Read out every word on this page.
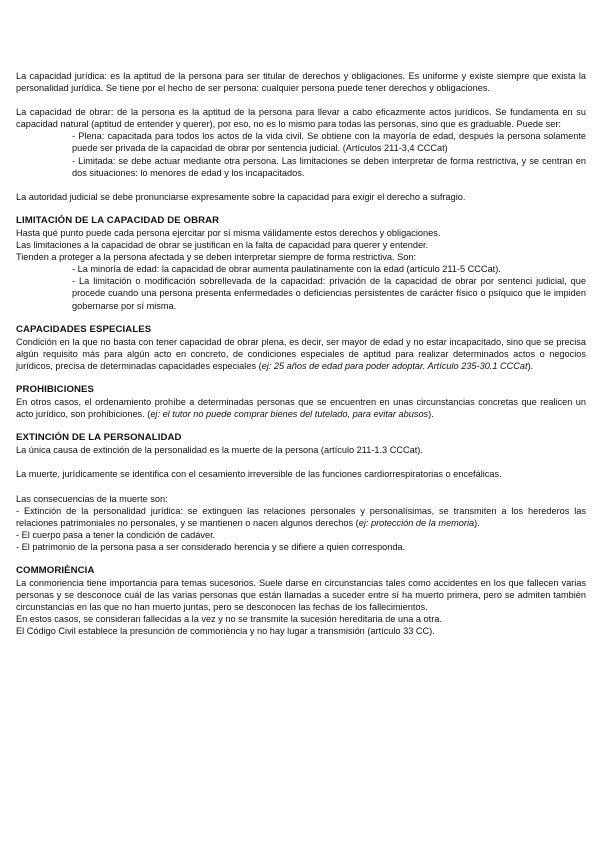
La capacidad jurídica: es la aptitud de la persona para ser titular de derechos y obligaciones. Es uniforme y existe siempre que exista la personalidad jurídica. Se tiene por el hecho de ser persona: cualquier persona puede tener derechos y obligaciones.

La capacidad de obrar: de la persona es la aptitud de la persona para llevar a cabo eficazmente actos jurídicos. Se fundamenta en su capacidad natural (aptitud de entender y querer), por eso, no es lo mismo para todas las personas, sino que es graduable. Puede ser:

- Plena: capacitada para todos los actos de la vida civil. Se obtiene con la mayoría de edad, después la persona solamente puede ser privada de la capacidad de obrar por sentencia judicial. (Artículos 211-3,4 CCCat)

- Limitada: se debe actuar mediante otra persona. Las limitaciones se deben interpretar de forma restrictiva, y se centran en dos situaciones: lo menores de edad y los incapacitados.

La autoridad judicial se debe pronunciarse expresamente sobre la capacidad para exigir el derecho a sufragio.

LIMITACIÓN DE LA CAPACIDAD DE OBRAR

Hasta qué punto puede cada persona ejercitar por sí misma válidamente estos derechos y obligaciones.

Las limitaciones a la capacidad de obrar se justifican en la falta de capacidad para querer y entender.

Tienden a proteger a la persona afectada y se deben interpretar siempre de forma restrictiva. Son:

- La minoría de edad: la capacidad de obrar aumenta paulatinamente con la edad (artículo 211-5 CCCat).

- La limitación o modificación sobrellevada de la capacidad: privación de la capacidad de obrar por sentenci judicial, que procede cuando una persona presenta enfermedades o deficiencias persistentes de carácter físico o psíquico que le impiden gobernarse por sí misma.

CAPACIDADES ESPECIALES

Condición en la que no basta con tener capacidad de obrar plena, es decir, ser mayor de edad y no estar incapacitado, sino que se precisa algún requisito más para algún acto en concreto, de condiciones especiales de aptitud para realizar determinados actos o negocios jurídicos, precisa de determinadas capacidades especiales (ej: 25 años de edad para poder adoptar. Artículo 235-30.1 CCCat).

PROHIBICIONES

En otros casos, el ordenamiento prohíbe a determinadas personas que se encuentren en unas circunstancias concretas que realicen un acto jurídico, son prohibiciones. (ej: el tutor no puede comprar bienes del tutelado, para evitar abusos).

EXTINCIÓN DE LA PERSONALIDAD

La única causa de extinción de la personalidad es la muerte de la persona (artículo 211-1.3 CCCat).

La muerte, jurídicamente se identifica con el cesamiento irreversible de las funciones cardiorrespiratorias o encefálicas.

Las consecuencias de la muerte son:

- Extinción de la personalidad jurídica: se extinguen las relaciones personales y personalísimas, se transmiten a los herederos las relaciones patrimoniales no personales, y se mantienen o nacen algunos derechos (ej: protección de la memoria).

- El cuerpo pasa a tener la condición de cadáver.

- El patrimonio de la persona pasa a ser considerado herencia y se difiere a quien corresponda.

COMMORIÈNCIA

La conmoriencia tiene importancia para temas sucesorios. Suele darse en circunstancias tales como accidentes en los que fallecen varias personas y se desconoce cuál de las varias personas que están llamadas a suceder entre sí ha muerto primera, pero se admiten también circunstancias en las que no han muerto juntas, pero se desconocen las fechas de los fallecimientos.

En estos casos, se consideran fallecidas a la vez y no se transmite la sucesión hereditaria de una a otra.

El Código Civil establece la presunción de commoriència y no hay lugar a transmisión (artículo 33 CC).
